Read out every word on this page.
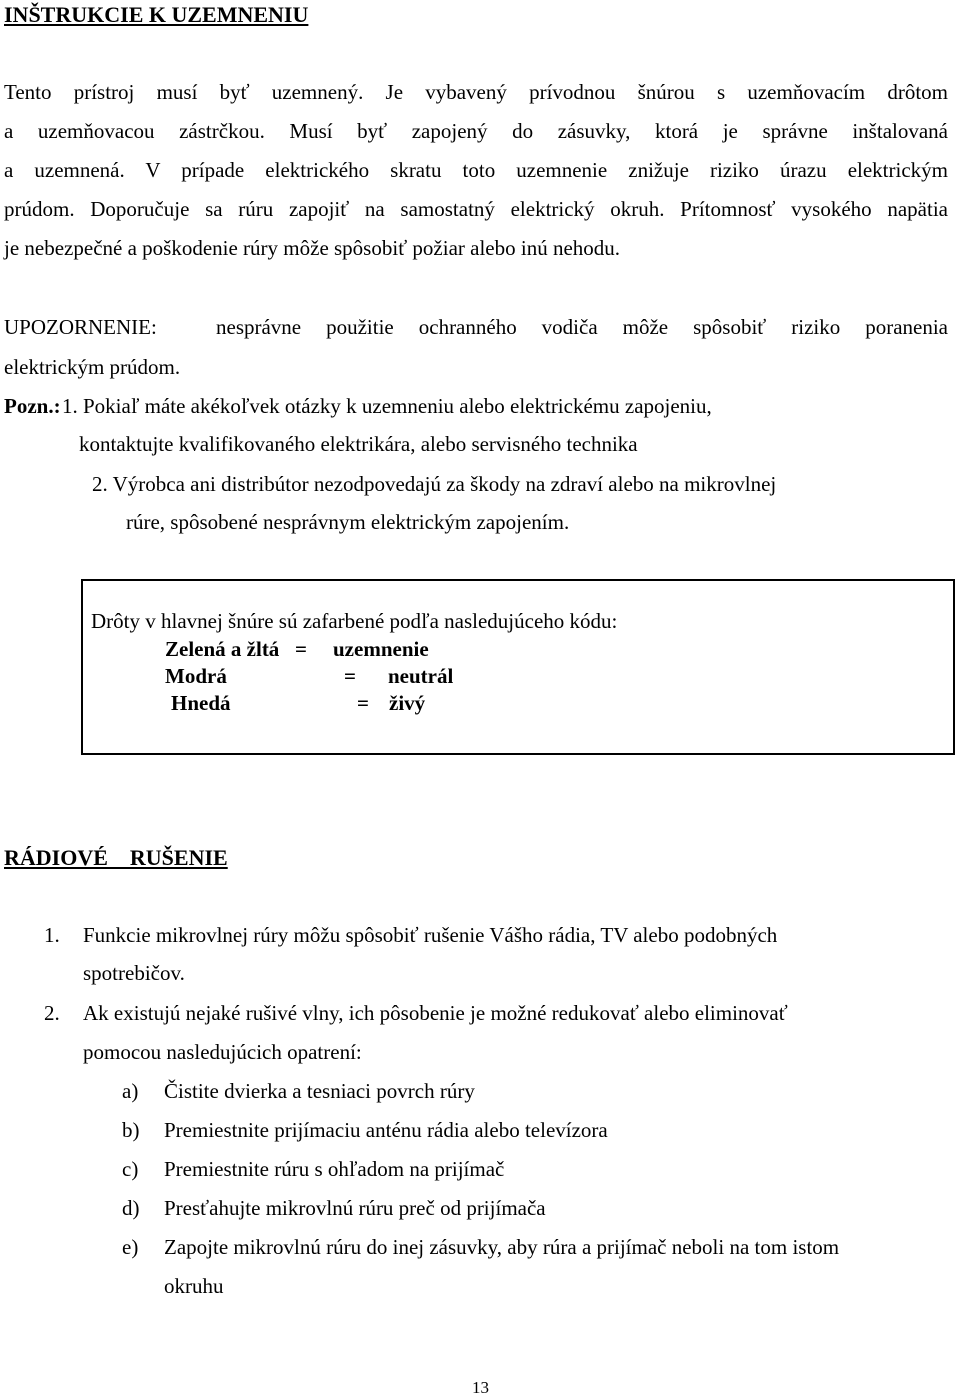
INŠTRUKCIE K UZEMNENIU
Tento prístroj musí byť uzemnený. Je vybavený prívodnou šnúrou s uzemňovacím drôtom
a uzemňovacou zástrčkou. Musí byť zapojený do zásuvky, ktorá je správne inštalovaná
a uzemnená. V prípade elektrického skratu toto uzemnenie znižuje riziko úrazu elektrickým
prúdom. Doporučuje sa rúru zapojiť na samostatný elektrický okruh. Prítomnosť vysokého napätia
je nebezpečné a poškodenie rúry môže spôsobiť požiar alebo inú nehodu.
UPOZORNENIE:	nesprávne použitie ochranného vodiča môže spôsobiť riziko poranenia
elektrickým prúdom.
Pozn.: 1. Pokiaľ máte akékoľvek otázky k uzemneniu alebo elektrickému zapojeniu,
kontaktujte kvalifikovaného elektrikára, alebo servisného technika
2. Výrobca ani distribútor nezodpovedajú za škody na zdraví alebo na mikrovlnej
rúre, spôsobené nesprávnym elektrickým zapojením.
Drôty v hlavnej šnúre sú zafarbené podľa nasledujúceho kódu:
Zelená a žltá = uzemnenie
Modrá	= neutrál
Hnedá	= živý
RÁDIOVÉ    RUŠENIE
1. Funkcie mikrovlnej rúry môžu spôsobiť rušenie Vášho rádia, TV alebo podobných
spotrebičov.
2. Ak existujú nejaké rušivé vlny, ich pôsobenie je možné redukovať alebo eliminovať
pomocou nasledujúcich opatrení:
a) Čistite dvierka a tesniaci povrch rúry
b) Premiestnite prijímaciu anténu rádia alebo televízora
c) Premiestnite rúru s ohľadom na prijímač
d) Presťahujte mikrovlnú rúru preč od prijímača
e) Zapojte mikrovlnú rúru do inej zásuvky, aby rúra a prijímač neboli na tom istom
okruhu
13
